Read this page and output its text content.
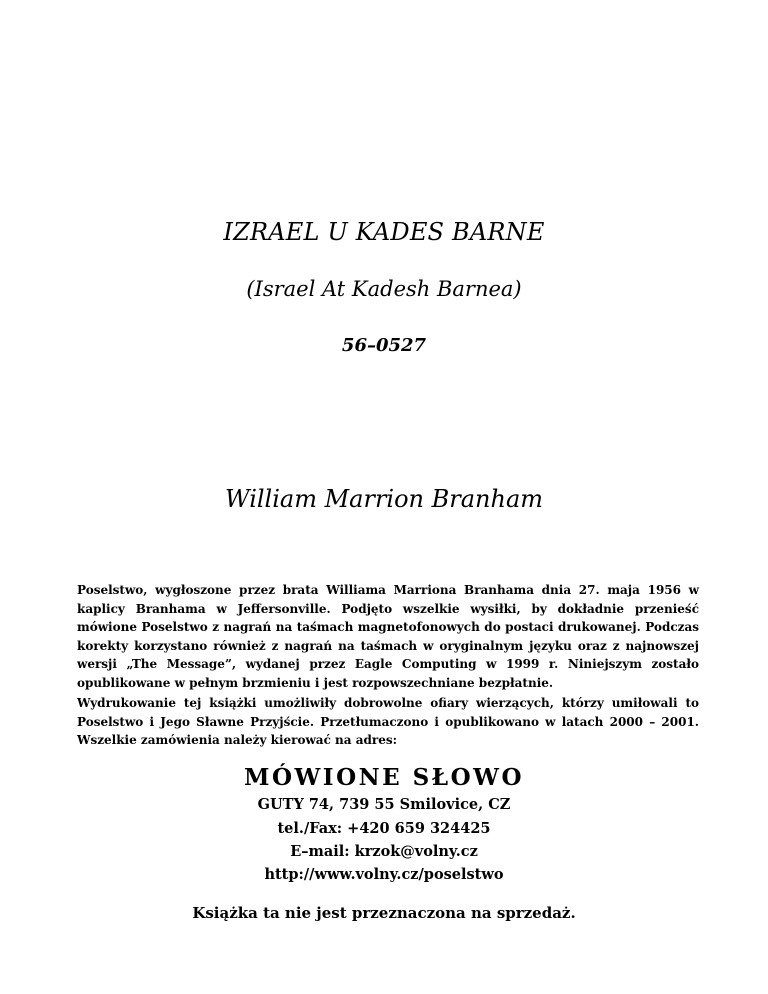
IZRAEL U KADES BARNE
(Israel At Kadesh Barnea)
56–0527
William Marrion Branham
Poselstwo, wygłoszone przez brata Williama Marriona Branhama dnia 27. maja 1956 w kaplicy Branhama w Jeffersonville. Podjęto wszelkie wysiłki, by dokładnie przenieść mówione Poselstwo z nagrań na taśmach magnetofonowych do postaci drukowanej. Podczas korekty korzystano również z nagrań na taśmach w oryginalnym języku oraz z najnowszej wersji „The Message”, wydanej przez Eagle Computing w 1999 r. Niniejszym zostało opublikowane w pełnym brzmieniu i jest rozpowszechniane bezpłatnie.
Wydrukowanie tej książki umożliwiły dobrowolne ofiary wierzących, którzy umiłowali to Poselstwo i Jego Sławne Przyjście. Przetłumaczono i opublikowano w latach 2000 – 2001. Wszelkie zamówienia należy kierować na adres:
MÓWIONE SŁOWO
GUTY 74, 739 55 Smilovice, CZ
tel./Fax: +420 659 324425
E–mail: krzok@volny.cz
http://www.volny.cz/poselstwo
Książka ta nie jest przeznaczona na sprzedaż.
